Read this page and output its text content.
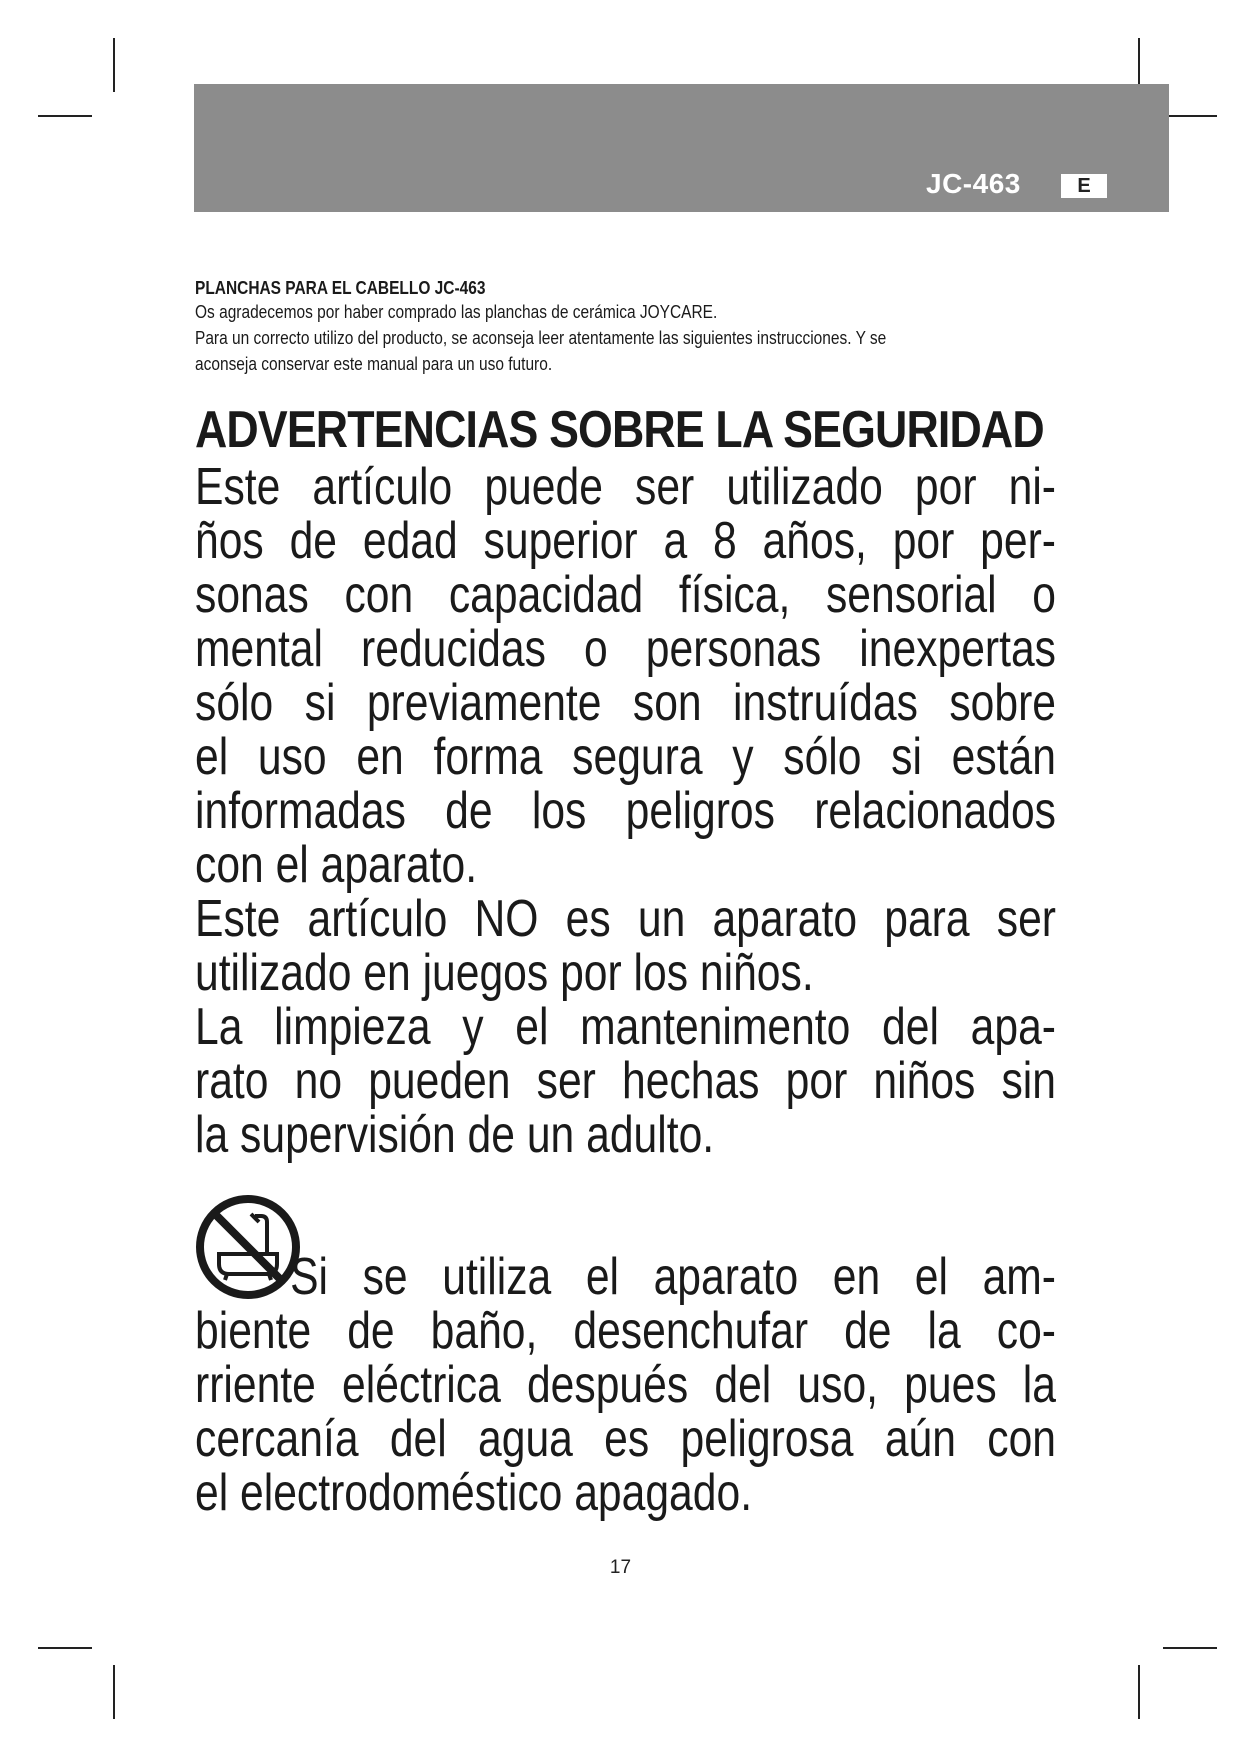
JC-463	E
PLANCHAS PARA EL CABELLO JC-463
Os agradecemos por haber comprado las planchas de cerámica JOYCARE.
Para un correcto utilizo del producto, se aconseja leer atentamente las siguientes instrucciones. Y se
aconseja conservar este manual para un uso futuro.
ADVERTENCIAS SOBRE LA SEGURIDAD
Este artículo puede ser utilizado por ni-
ños de edad superior a 8 años, por per-
sonas con capacidad física, sensorial o
mental reducidas o personas inexpertas
sólo si previamente son instruídas sobre
el uso en forma segura y sólo si están
informadas de los peligros relacionados
con el aparato.
Este artículo NO es un aparato para ser
utilizado en juegos por los niños.
La limpieza y el mantenimento del apa-
rato no pueden ser hechas por niños sin
la supervisión de un adulto.
Si se utiliza el aparato en el am-
biente de baño, desenchufar de la co-
rriente eléctrica después del uso, pues la
cercanía del agua es peligrosa aún con
el electrodoméstico apagado.
17
